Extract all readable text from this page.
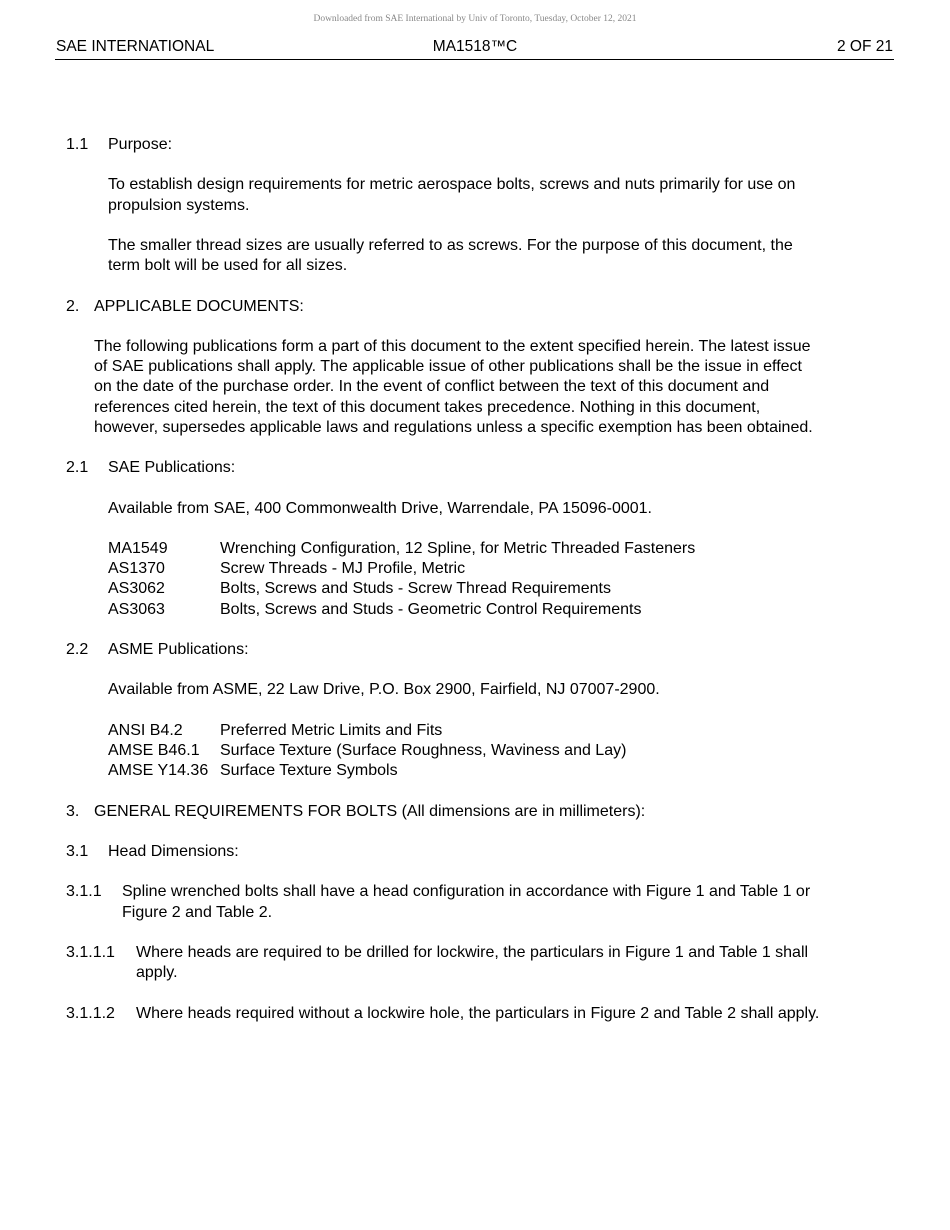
Downloaded from SAE International by Univ of Toronto, Tuesday, October 12, 2021
SAE INTERNATIONAL	MA1518™C	2 OF 21
1.1	Purpose:
To establish design requirements for metric aerospace bolts, screws and nuts primarily for use on
propulsion systems.
The smaller thread sizes are usually referred to as screws. For the purpose of this document, the
term bolt will be used for all sizes.
2. APPLICABLE DOCUMENTS:
The following publications form a part of this document to the extent specified herein. The latest issue
of SAE publications shall apply. The applicable issue of other publications shall be the issue in effect
on the date of the purchase order. In the event of conflict between the text of this document and
references cited herein, the text of this document takes precedence. Nothing in this document,
however, supersedes applicable laws and regulations unless a specific exemption has been obtained.
2.1	SAE Publications:
Available from SAE, 400 Commonwealth Drive, Warrendale, PA 15096-0001.
MA1549	Wrenching Configuration, 12 Spline, for Metric Threaded Fasteners
AS1370	Screw Threads - MJ Profile, Metric
AS3062	Bolts, Screws and Studs - Screw Thread Requirements
AS3063	Bolts, Screws and Studs - Geometric Control Requirements
2.2	ASME Publications:
Available from ASME, 22 Law Drive, P.O. Box 2900, Fairfield, NJ 07007-2900.
ANSI B4.2	Preferred Metric Limits and Fits
AMSE B46.1	Surface Texture (Surface Roughness, Waviness and Lay)
AMSE Y14.36 Surface Texture Symbols
3. GENERAL REQUIREMENTS FOR BOLTS (All dimensions are in millimeters):
3.1	Head Dimensions:
3.1.1	Spline wrenched bolts shall have a head configuration in accordance with Figure 1 and Table 1 or
Figure 2 and Table 2.
3.1.1.1	Where heads are required to be drilled for lockwire, the particulars in Figure 1 and Table 1 shall
apply.
3.1.1.2	Where heads required without a lockwire hole, the particulars in Figure 2 and Table 2 shall apply.
